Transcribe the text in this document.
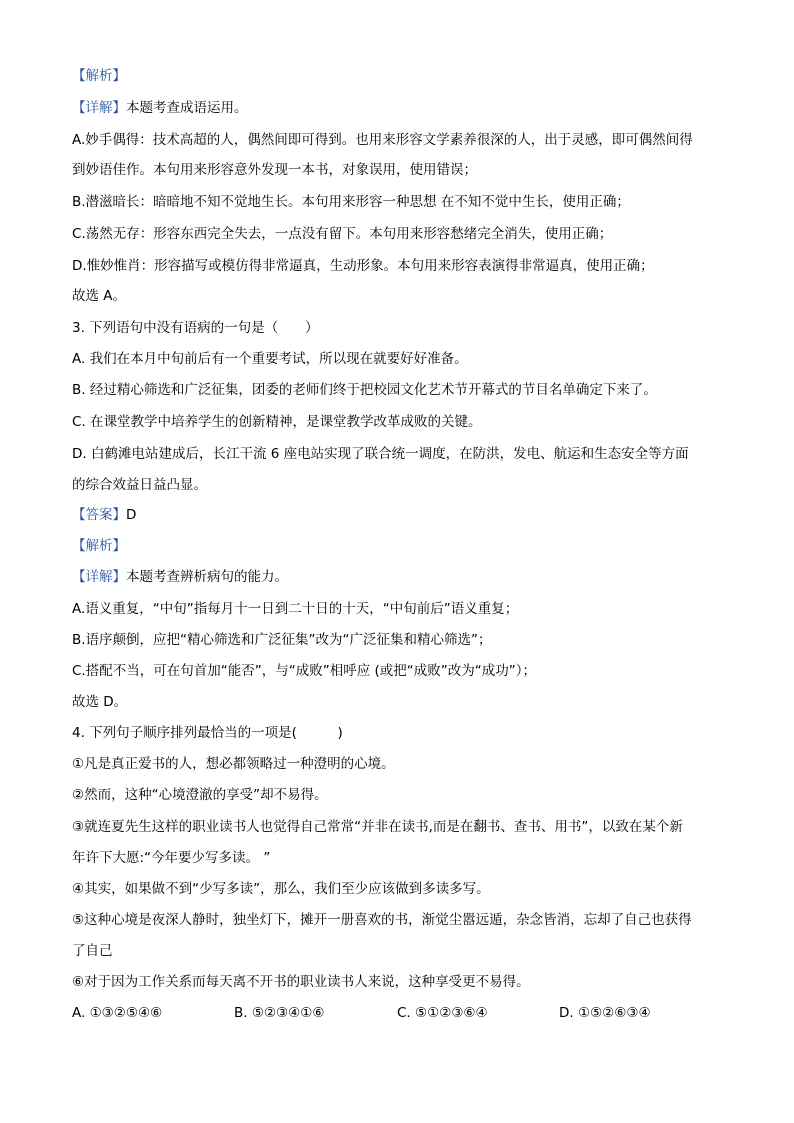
【解析】
【详解】本题考查成语运用。
A.妙手偶得：技术高超的人，偶然间即可得到。也用来形容文学素养很深的人，出于灵感，即可偶然间得
到妙语佳作。本句用来形容意外发现一本书，对象误用，使用错误；
B.潜滋暗长：暗暗地不知不觉地生长。本句用来形容一种思想 在不知不觉中生长，使用正确；
C.荡然无存：形容东西完全失去，一点没有留下。本句用来形容愁绪完全消失，使用正确；
D.惟妙惟肖：形容描写或模仿得非常逼真，生动形象。本句用来形容表演得非常逼真，使用正确；
故选 A。
3. 下列语句中没有语病的一句是（　　）
A. 我们在本月中旬前后有一个重要考试，所以现在就要好好准备。
B. 经过精心筛选和广泛征集，团委的老师们终于把校园文化艺术节开幕式的节目名单确定下来了。
C. 在课堂教学中培养学生的创新精神，是课堂教学改革成败的关键。
D. 白鹤滩电站建成后，长江干流 6 座电站实现了联合统一调度，在防洪，发电、航运和生态安全等方面
的综合效益日益凸显。
【答案】D
【解析】
【详解】本题考查辨析病句的能力。
A.语义重复，“中旬”指每月十一日到二十日的十天，“中旬前后”语义重复；
B.语序颠倒，应把“精心筛选和广泛征集”改为“广泛征集和精心筛选”；
C.搭配不当，可在句首加“能否”，与“成败”相呼应 (或把“成败”改为“成功”）；
故选 D。
4. 下列句子顺序排列最恰当的一项是(　　　)
①凡是真正爱书的人，想必都领略过一种澄明的心境。
②然而，这种“心境澄澈的享受”却不易得。
③就连夏先生这样的职业读书人也觉得自己常常“并非在读书,而是在翻书、查书、用书”，以致在某个新
年许下大愿:“今年要少写多读。 ”
④其实，如果做不到“少写多读”，那么，我们至少应该做到多读多写。
⑤这种心境是夜深人静时，独坐灯下，摊开一册喜欢的书，渐觉尘嚣远遁，杂念皆消，忘却了自己也获得
了自己
⑥对于因为工作关系而每天离不开书的职业读书人来说，这种享受更不易得。
A. ①③②⑤④⑥	B. ⑤②③④①⑥	C. ⑤①②③⑥④	D. ①⑤②⑥③④
